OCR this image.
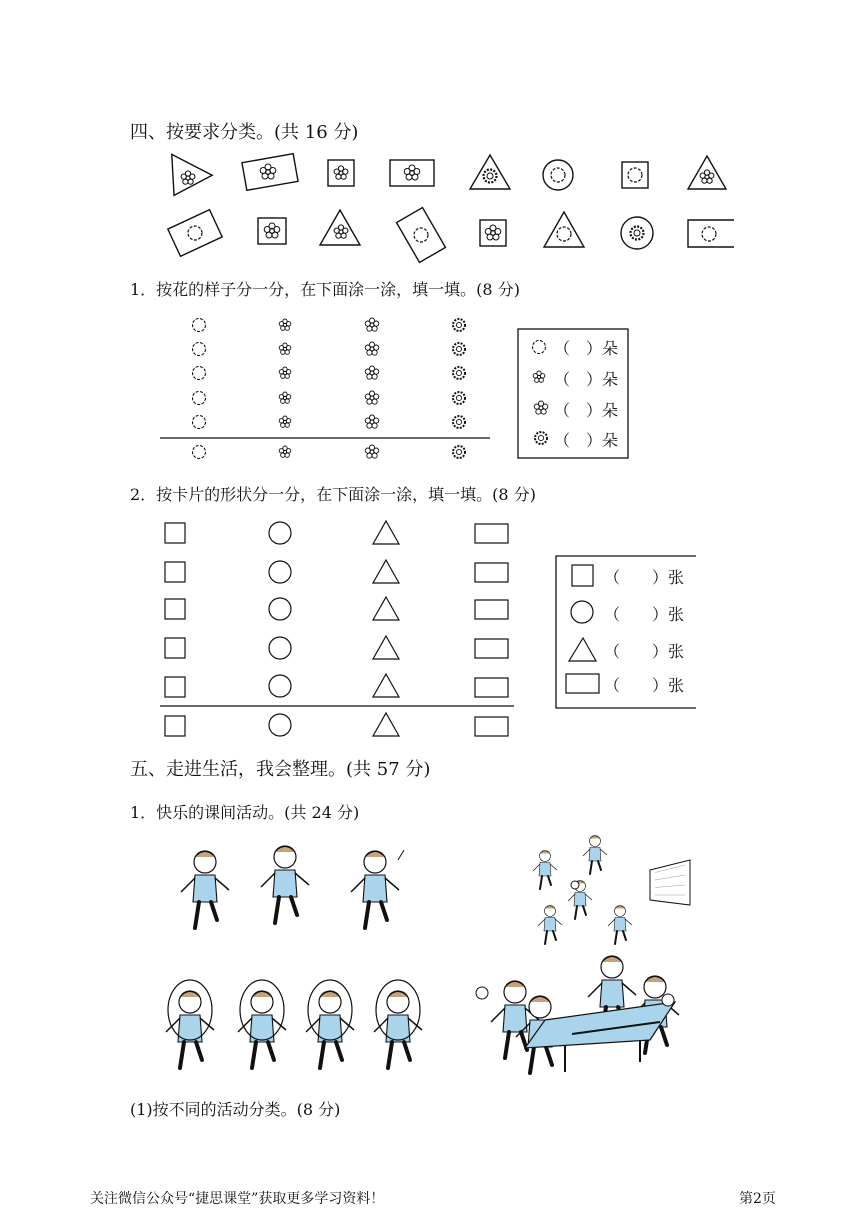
四、按要求分类。(共 16 分)
1．按花的样子分一分，在下面涂一涂，填一填。(8 分)
（　）朵
（　）朵
（　）朵
（　）朵
2．按卡片的形状分一分，在下面涂一涂，填一填。(8 分)
（　　）张
（　　）张
（　　）张
（　　）张
五、走进生活，我会整理。(共 57 分)
1．快乐的课间活动。(共 24 分)
(1)按不同的活动分类。(8 分)
关注微信公众号“捷思课堂”获取更多学习资料！	第2页
